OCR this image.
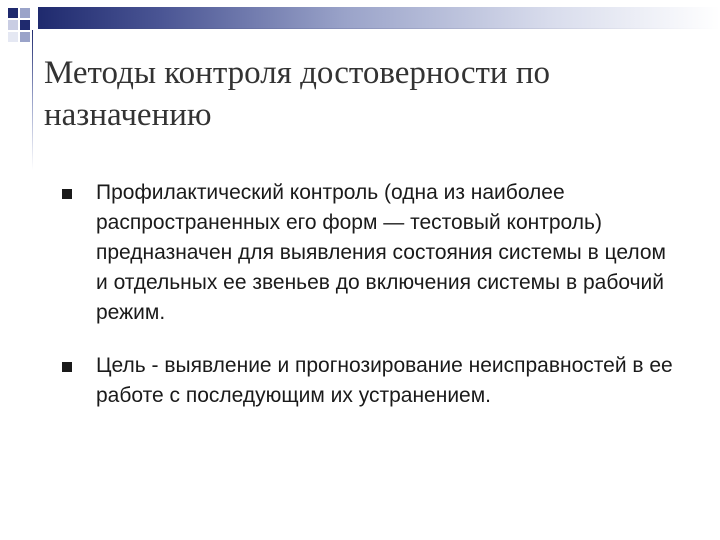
Методы контроля достоверности по назначению
Профилактический контроль (одна из наиболее распространенных его форм — тестовый контроль) предназначен для выявления состояния системы в целом и отдельных ее звеньев до включения системы в рабочий режим.
Цель - выявление и прогнозирование неисправностей в ее работе с последующим их устранением.
